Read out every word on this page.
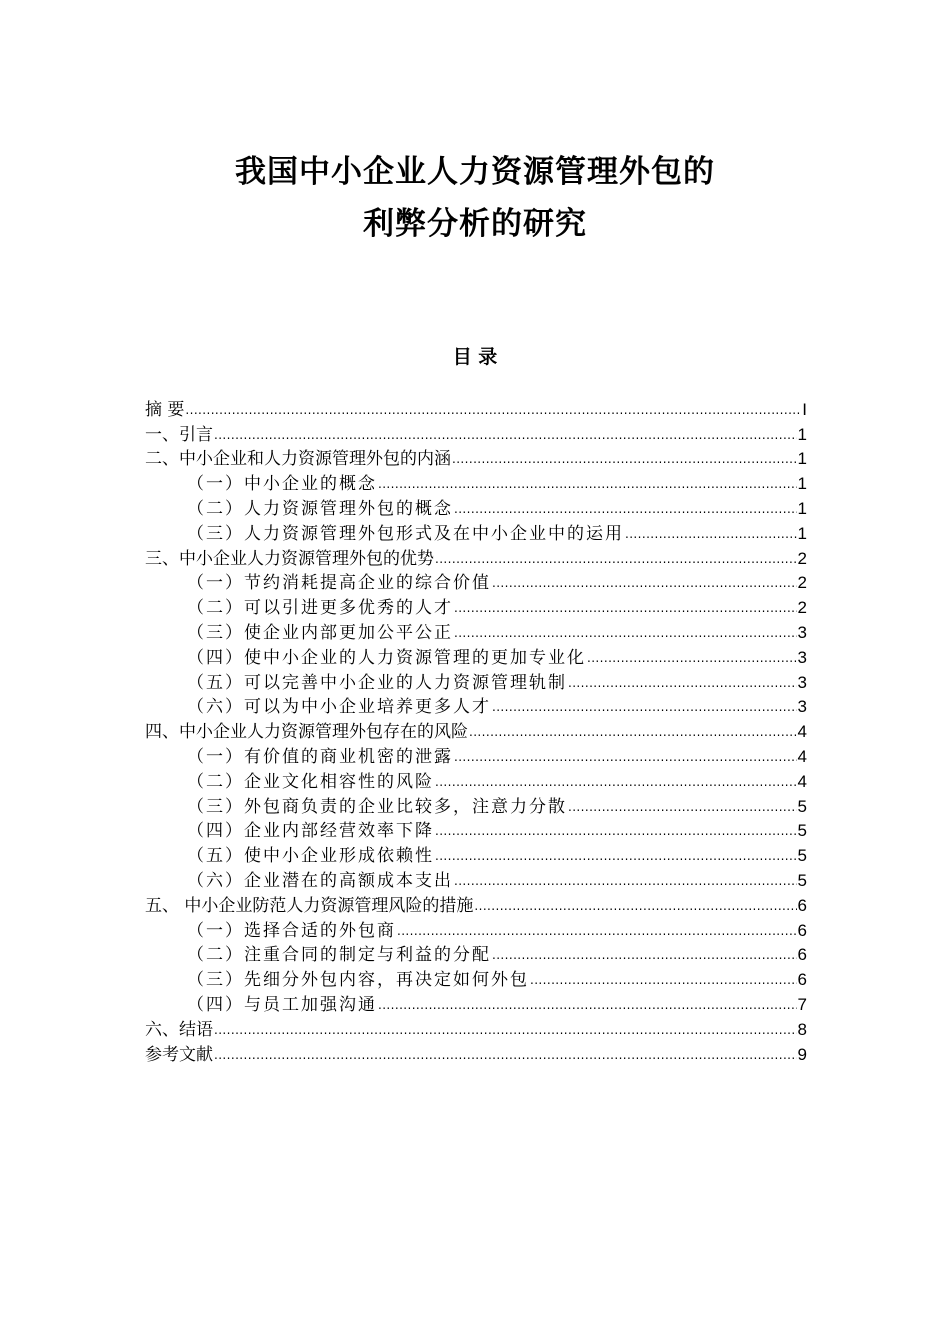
我国中小企业人力资源管理外包的
利弊分析的研究
目 录
摘 要 .....	I
一、引言 .....	1
二、中小企业和人力资源管理外包的内涵 .....	1
（一）中小企业的概念 .....	1
（二）人力资源管理外包的概念 .....	1
（三）人力资源管理外包形式及在中小企业中的运用 .....	1
三、中小企业人力资源管理外包的优势 .....	2
（一）节约消耗提高企业的综合价值 .....	2
（二）可以引进更多优秀的人才 .....	2
（三）使企业内部更加公平公正 .....	3
（四）使中小企业的人力资源管理的更加专业化 .....	3
（五）可以完善中小企业的人力资源管理轨制 .....	3
（六）可以为中小企业培养更多人才 .....	3
四、中小企业人力资源管理外包存在的风险 .....	4
（一）有价值的商业机密的泄露 .....	4
（二）企业文化相容性的风险 .....	4
（三）外包商负责的企业比较多，注意力分散 .....	5
（四）企业内部经营效率下降 .....	5
（五）使中小企业形成依赖性 .....	5
（六）企业潜在的高额成本支出 .....	5
五、 中小企业防范人力资源管理风险的措施 .....	6
（一）选择合适的外包商 .....	6
（二）注重合同的制定与利益的分配 .....	6
（三）先细分外包内容，再决定如何外包 .....	6
（四）与员工加强沟通 .....	7
六、结语 .....	8
参考文献 .....	9
